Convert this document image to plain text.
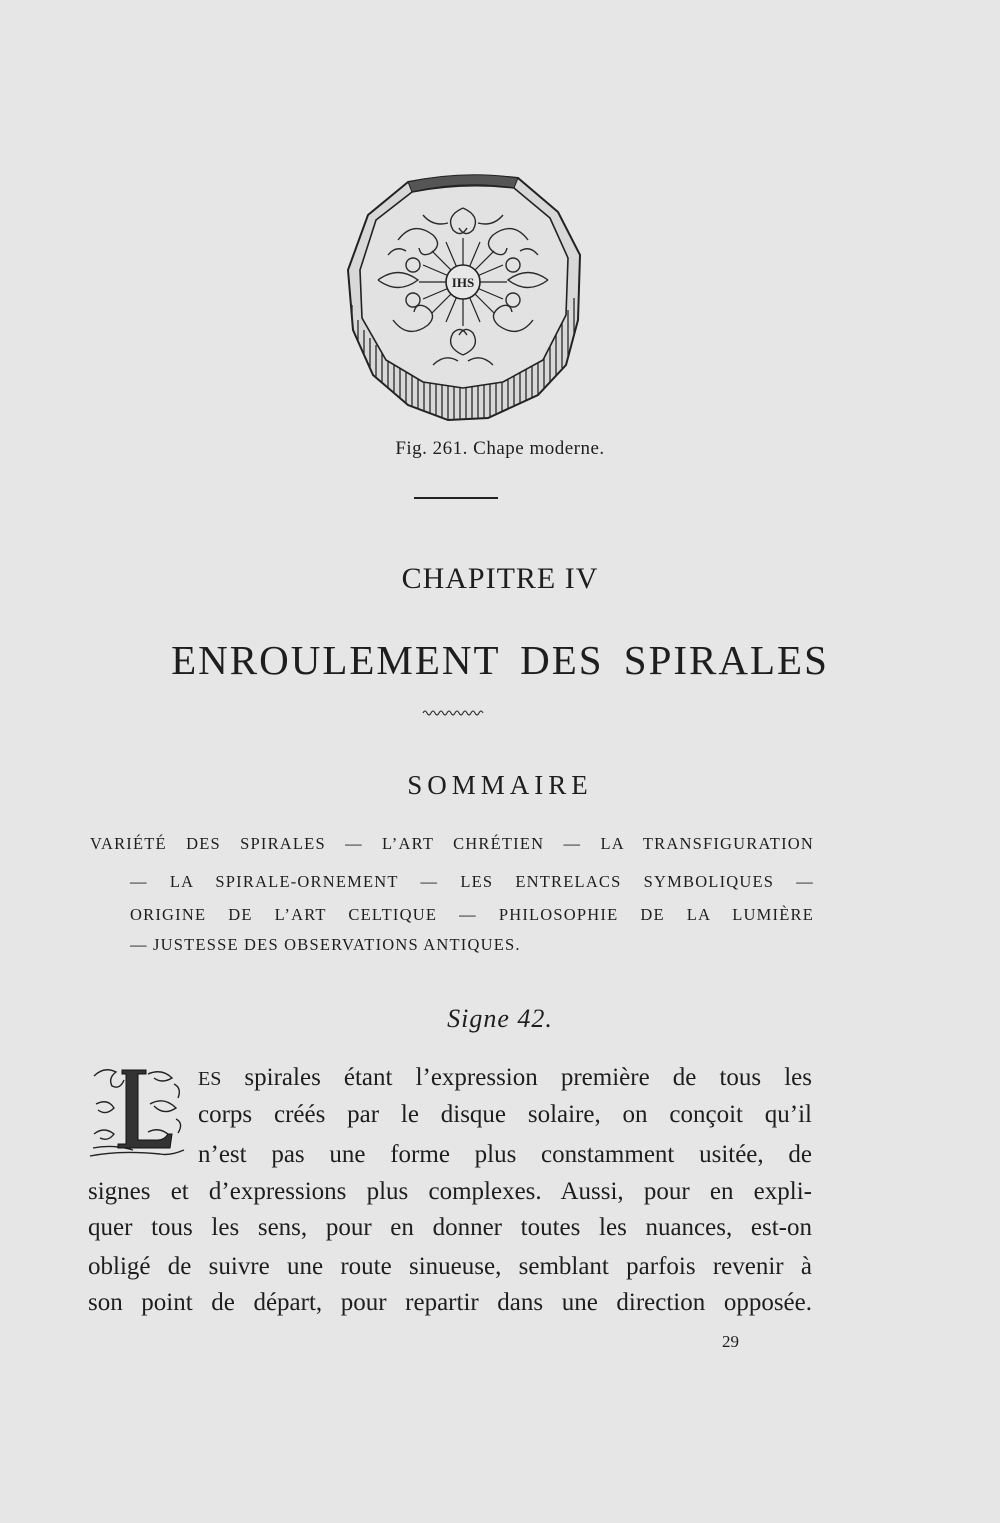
IHS
Fig. 261. Chape moderne.
CHAPITRE IV
ENROULEMENT DES SPIRALES
SOMMAIRE
VARIÉTÉ DES SPIRALES — L’ART CHRÉTIEN — LA TRANSFIGURATION
— LA SPIRALE-ORNEMENT — LES ENTRELACS SYMBOLIQUES —
ORIGINE DE L’ART CELTIQUE — PHILOSOPHIE DE LA LUMIÈRE
— JUSTESSE DES OBSERVATIONS ANTIQUES.
Signe 42.
L
ES spirales étant l’expression première de tous les
corps créés par le disque solaire, on conçoit qu’il
n’est pas une forme plus constamment usitée, de
signes et d’expressions plus complexes. Aussi, pour en expli-
quer tous les sens, pour en donner toutes les nuances, est-on
obligé de suivre une route sinueuse, semblant parfois revenir à
son point de départ, pour repartir dans une direction opposée.
29
